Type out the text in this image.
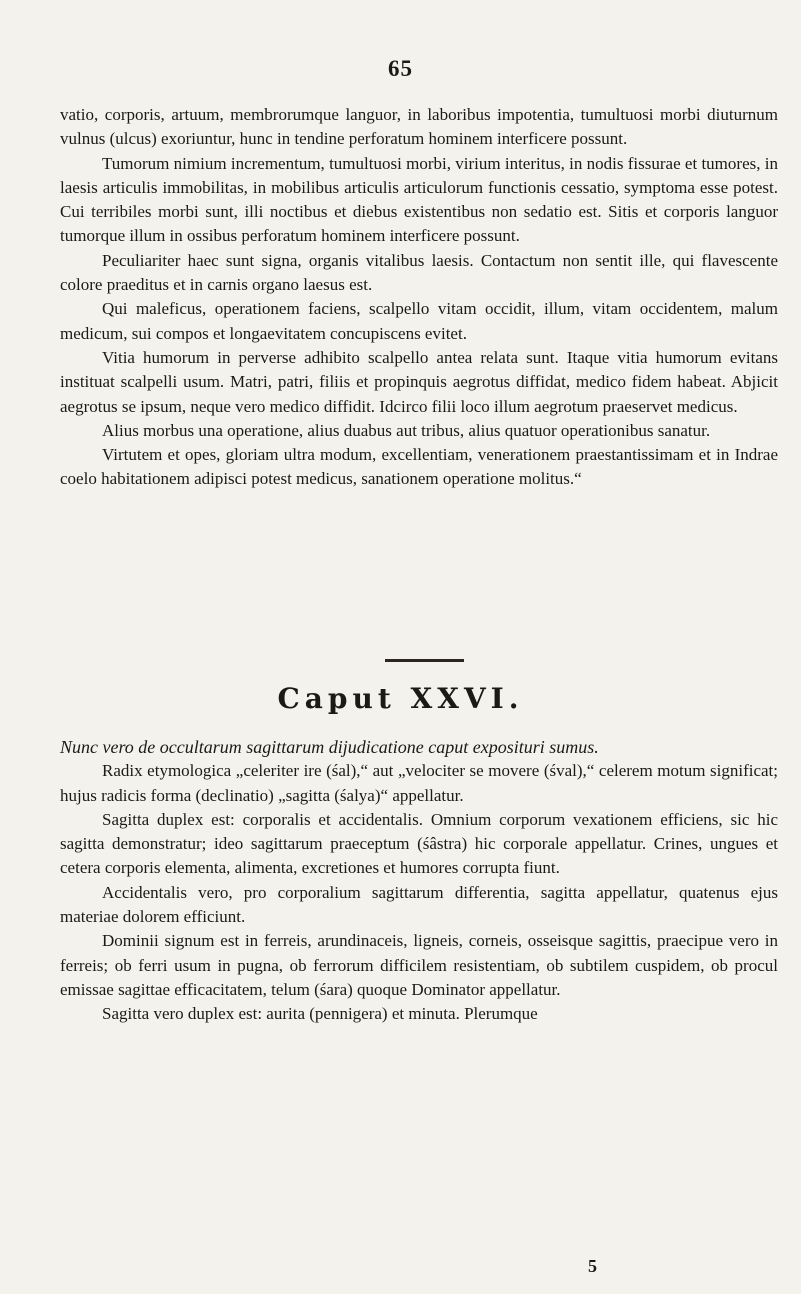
65

vatio, corporis, artuum, membrorumque languor, in laboribus impotentia, tumultuosi morbi diuturnum vulnus (ulcus) exoriuntur, hunc in tendine perforatum hominem interficere possunt.

Tumorum nimium incrementum, tumultuosi morbi, virium interitus, in nodis fissurae et tumores, in laesis articulis immobilitas, in mobilibus articulis articulorum functionis cessatio, symptoma esse potest. Cui terribiles morbi sunt, illi noctibus et diebus existentibus non sedatio est. Sitis et corporis languor tumorque illum in ossibus perforatum hominem interficere possunt.

Peculiariter haec sunt signa, organis vitalibus laesis. Contactum non sentit ille, qui flavescente colore praeditus et in carnis organo laesus est.

Qui maleficus, operationem faciens, scalpello vitam occidit, illum, vitam occidentem, malum medicum, sui compos et longaevitatem concupiscens evitet.

Vitia humorum in perverse adhibito scalpello antea relata sunt. Itaque vitia humorum evitans instituat scalpelli usum. Matri, patri, filiis et propinquis aegrotus diffidat, medico fidem habeat. Abjicit aegrotus se ipsum, neque vero medico diffidit. Idcirco filii loco illum aegrotum praeservet medicus.

Alius morbus una operatione, alius duabus aut tribus, alius quatuor operationibus sanatur.

Virtutem et opes, gloriam ultra modum, excellentiam, venerationem praestantissimam et in Indrae coelo habitationem adipisci potest medicus, sanationem operatione molitus.“

Caput XXVI.

Nunc vero de occultarum sagittarum dijudicatione caput exposituri sumus.

Radix etymologica „celeriter ire (śal),“ aut „velociter se movere (śval),“ celerem motum significat; hujus radicis forma (declinatio) „sagitta (śalya)“ appellatur.

Sagitta duplex est: corporalis et accidentalis. Omnium corporum vexationem efficiens, sic hic sagitta demonstratur; ideo sagittarum praeceptum (śâstra) hic corporale appellatur. Crines, ungues et cetera corporis elementa, alimenta, excretiones et humores corrupta fiunt.

Accidentalis vero, pro corporalium sagittarum differentia, sagitta appellatur, quatenus ejus materiae dolorem efficiunt.

Dominii signum est in ferreis, arundinaceis, ligneis, corneis, osseisque sagittis, praecipue vero in ferreis; ob ferri usum in pugna, ob ferrorum difficilem resistentiam, ob subtilem cuspidem, ob procul emissae sagittae efficacitatem, telum (śara) quoque Dominator appellatur.

Sagitta vero duplex est: aurita (pennigera) et minuta. Plerumque

5
